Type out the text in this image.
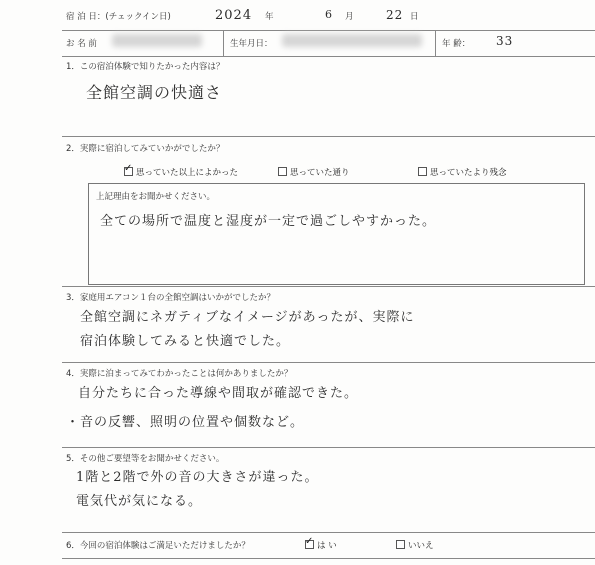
宿 泊 日：(チェックイン日)	2024 年	6 月	22 日
お 名 前	生年月日：	年 齢： 33
1．この宿泊体験で知りたかった内容は？
全館空調の快適さ
2．実際に宿泊してみていかがでしたか？
✓思っていた以上によかった	思っていた通り	思っていたより残念
上記理由をお聞かせください。
全ての場所で温度と湿度が一定で過ごしやすかった。
3．家庭用エアコン１台の全館空調はいかがでしたか？
全館空調にネガティブなイメージがあったが、実際に
宿泊体験してみると快適でした。
4．実際に泊まってみてわかったことは何かありましたか？
自分たちに合った導線や間取が確認できた。
・音の反響、照明の位置や個数など。
5．その他ご要望等をお聞かせください。
1階と2階で外の音の大きさが違った。
電気代が気になる。
6．今回の宿泊体験はご満足いただけましたか？
✓	は い	いいえ
